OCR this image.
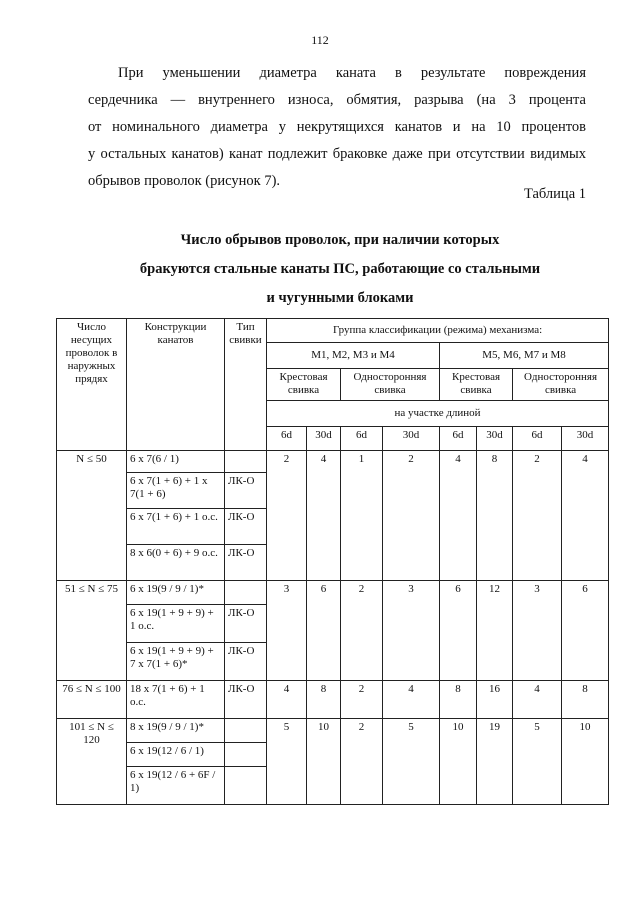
112
При уменьшении диаметра каната в результате повреждения
сердечника — внутреннего износа, обмятия, разрыва (на 3 процента
от номинального диаметра у некрутящихся канатов и на 10 процентов
у остальных канатов) канат подлежит браковке даже при отсутствии видимых
обрывов проволок (рисунок 7).
Таблица 1
Число обрывов проволок, при наличии которых
бракуются стальные канаты ПС, работающие со стальными
и чугунными блоками
Число несущих проволок в наружных прядях	Конструкции канатов	Тип свивки	Группа классификации (режима) механизма:							
			M1, M2, M3 и M4				M5, M6, M7 и M8			
			Крестовая свивка		Односторонняя свивка		Крестовая свивка		Односторонняя свивка	
			на участке длиной							
			6d	30d	6d	30d	6d	30d	6d	30d
N ≤ 50	6 x 7(6 / 1)		2	4	1	2	4	8	2	4
	6 x 7(1 + 6) + 1 x 7(1 + 6)	ЛК-О								
	6 x 7(1 + 6) + 1 о.с.	ЛК-О								
	8 x 6(0 + 6) + 9 о.с.	ЛК-О								
51 ≤ N ≤ 75	6 x 19(9 / 9 / 1)*		3	6	2	3	6	12	3	6
	6 x 19(1 + 9 + 9) + 1 о.с.	ЛК-О								
	6 x 19(1 + 9 + 9) + 7 x 7(1 + 6)*	ЛК-О								
76 ≤ N ≤ 100	18 x 7(1 + 6) + 1 о.с.	ЛК-О	4	8	2	4	8	16	4	8
101 ≤ N ≤ 120	8 x 19(9 / 9 / 1)*		5	10	2	5	10	19	5	10
	6 x 19(12 / 6 / 1)									
	6 x 19(12 / 6 + 6F / 1)									
